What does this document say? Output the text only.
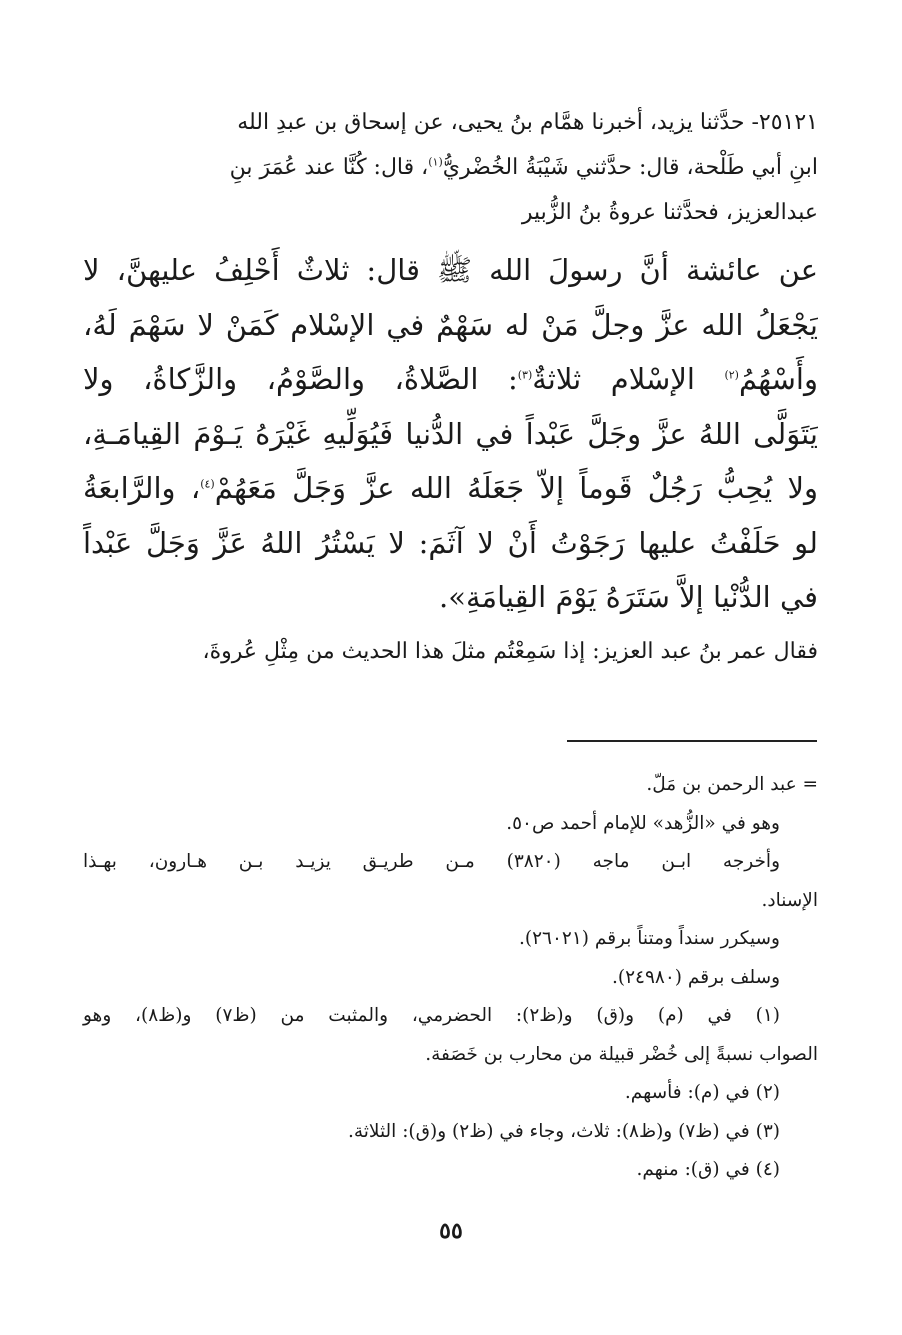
٢٥١٢١- حدَّثنا يزيد، أخبرنا همَّام بنُ يحيى، عن إسحاق بن عبدِ الله

ابنِ أبي طَلْحة، قال: حدَّثني شَيْبَةُ الخُضْريُّ$^{(١)}$، قال: كُنَّا عند عُمَرَ بنِ

عبدالعزيز، فحدَّثنا عروةُ بنُ الزُّبير

عن عائشة أنَّ رسولَ الله ﷺ قال: ثلاثٌ أَحْلِفُ عليهنَّ، لا
يَجْعَلُ الله عزَّ وجلَّ مَنْ له سَهْمٌ في الإسْلام كَمَنْ لا سَهْمَ لَهُ،
وأَسْهُمُ$^{(٢)}$ الإسْلام ثلاثةٌ$^{(٣)}$: الصَّلاةُ، والصَّوْمُ، والزَّكاةُ، ولا
يَتَوَلَّى اللهُ عزَّ وجَلَّ عَبْداً في الدُّنيا فَيُوَلِّيهِ غَيْرَهُ يَـوْمَ القِيامَـةِ،
ولا يُحِبُّ رَجُلٌ قَوماً إلاّ جَعَلَهُ الله عزَّ وَجَلَّ مَعَهُمْ$^{(٤)}$، والرَّابعَةُ
لو حَلَفْتُ عليها رَجَوْتُ أَنْ لا آثَمَ: لا يَسْتُرُ اللهُ عَزَّ وَجَلَّ عَبْداً
في الدُّنْيا إلاَّ سَتَرَهُ يَوْمَ القِيامَةِ».
فقال عمر بنُ عبد العزيز: إذا سَمِعْتُم مثلَ هذا الحديث من مِثْلِ عُروةَ،
= عبد الرحمن بن مَلّ.
وهو في «الزُّهد» للإمام أحمد ص٥٠.
وأخرجه ابـن ماجه (٣٨٢٠) مـن طريـق يزيـد بـن هـارون، بهـذا
الإسناد.
وسيكرر سنداً ومتناً برقم (٢٦٠٢١).
وسلف برقم (٢٤٩٨٠).
(١) في (م) و(ق) و(ظ٢): الحضرمي، والمثبت من (ظ٧) و(ظ٨)، وهو
الصواب نسبةً إلى خُضْر قبيلة من محارب بن خَصَفة.
(٢) في (م): فأسهم.
(٣) في (ظ٧) و(ظ٨): ثلاث، وجاء في (ظ٢) و(ق): الثلاثة.
(٤) في (ق): منهم.
٥٥
